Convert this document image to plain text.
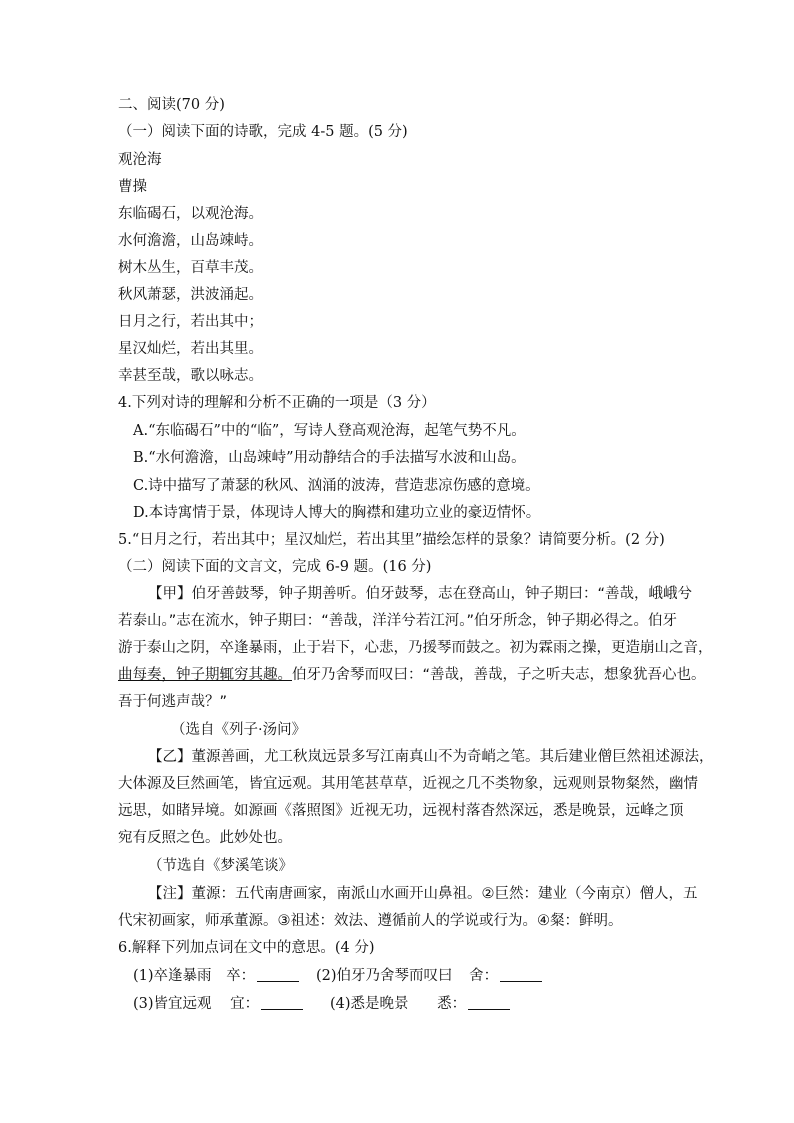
二、阅读(70 分)
（一）阅读下面的诗歌，完成 4-5 题。(5 分)
观沧海
曹操
东临碣石，以观沧海。
水何澹澹，山岛竦峙。
树木丛生，百草丰茂。
秋风萧瑟，洪波涌起。
日月之行，若出其中；
星汉灿烂，若出其里。
幸甚至哉，歌以咏志。
4.下列对诗的理解和分析不正确的一项是（3 分）
A.“东临碣石”中的“临”，写诗人登高观沧海，起笔气势不凡。
B.“水何澹澹，山岛竦峙”用动静结合的手法描写水波和山岛。
C.诗中描写了萧瑟的秋风、汹涌的波涛，营造悲凉伤感的意境。
D.本诗寓情于景，体现诗人博大的胸襟和建功立业的豪迈情怀。
5.“日月之行，若出其中；星汉灿烂，若出其里”描绘怎样的景象？请简要分析。(2 分)
（二）阅读下面的文言文，完成 6-9 题。(16 分)
【甲】伯牙善鼓琴，钟子期善听。伯牙鼓琴，志在登高山，钟子期曰：“善哉，峨峨兮
若泰山。”志在流水，钟子期曰：“善哉，洋洋兮若江河。”伯牙所念，钟子期必得之。伯牙
游于泰山之阴，卒逢暴雨，止于岩下，心悲，乃援琴而鼓之。初为霖雨之操，更造崩山之音，
曲每奏，钟子期辄穷其趣。伯牙乃舍琴而叹曰：“善哉，善哉，子之听夫志，想象犹吾心也。
吾于何逃声哉？”
（选自《列子·汤问》
【乙】董源善画，尤工秋岚远景多写江南真山不为奇峭之笔。其后建业僧巨然祖述源法，
大体源及巨然画笔，皆宜远观。其用笔甚草草，近视之几不类物象，远观则景物粲然，幽情
远思，如睹异境。如源画《落照图》近视无功，远视村落杳然深远，悉是晚景，远峰之顶
宛有反照之色。此妙处也。
（节选自《梦溪笔谈》
【注】董源：五代南唐画家，南派山水画开山鼻祖。②巨然：建业（今南京）僧人，五
代宋初画家，师承董源。③祖述：效法、遵循前人的学说或行为。④粲：鲜明。
6.解释下列加点词在文中的意思。(4 分)
(1)卒逢暴雨 卒：	(2)伯牙乃舍琴而叹曰 舍：
(3)皆宜远观 宜：	(4)悉是晚景 悉：
